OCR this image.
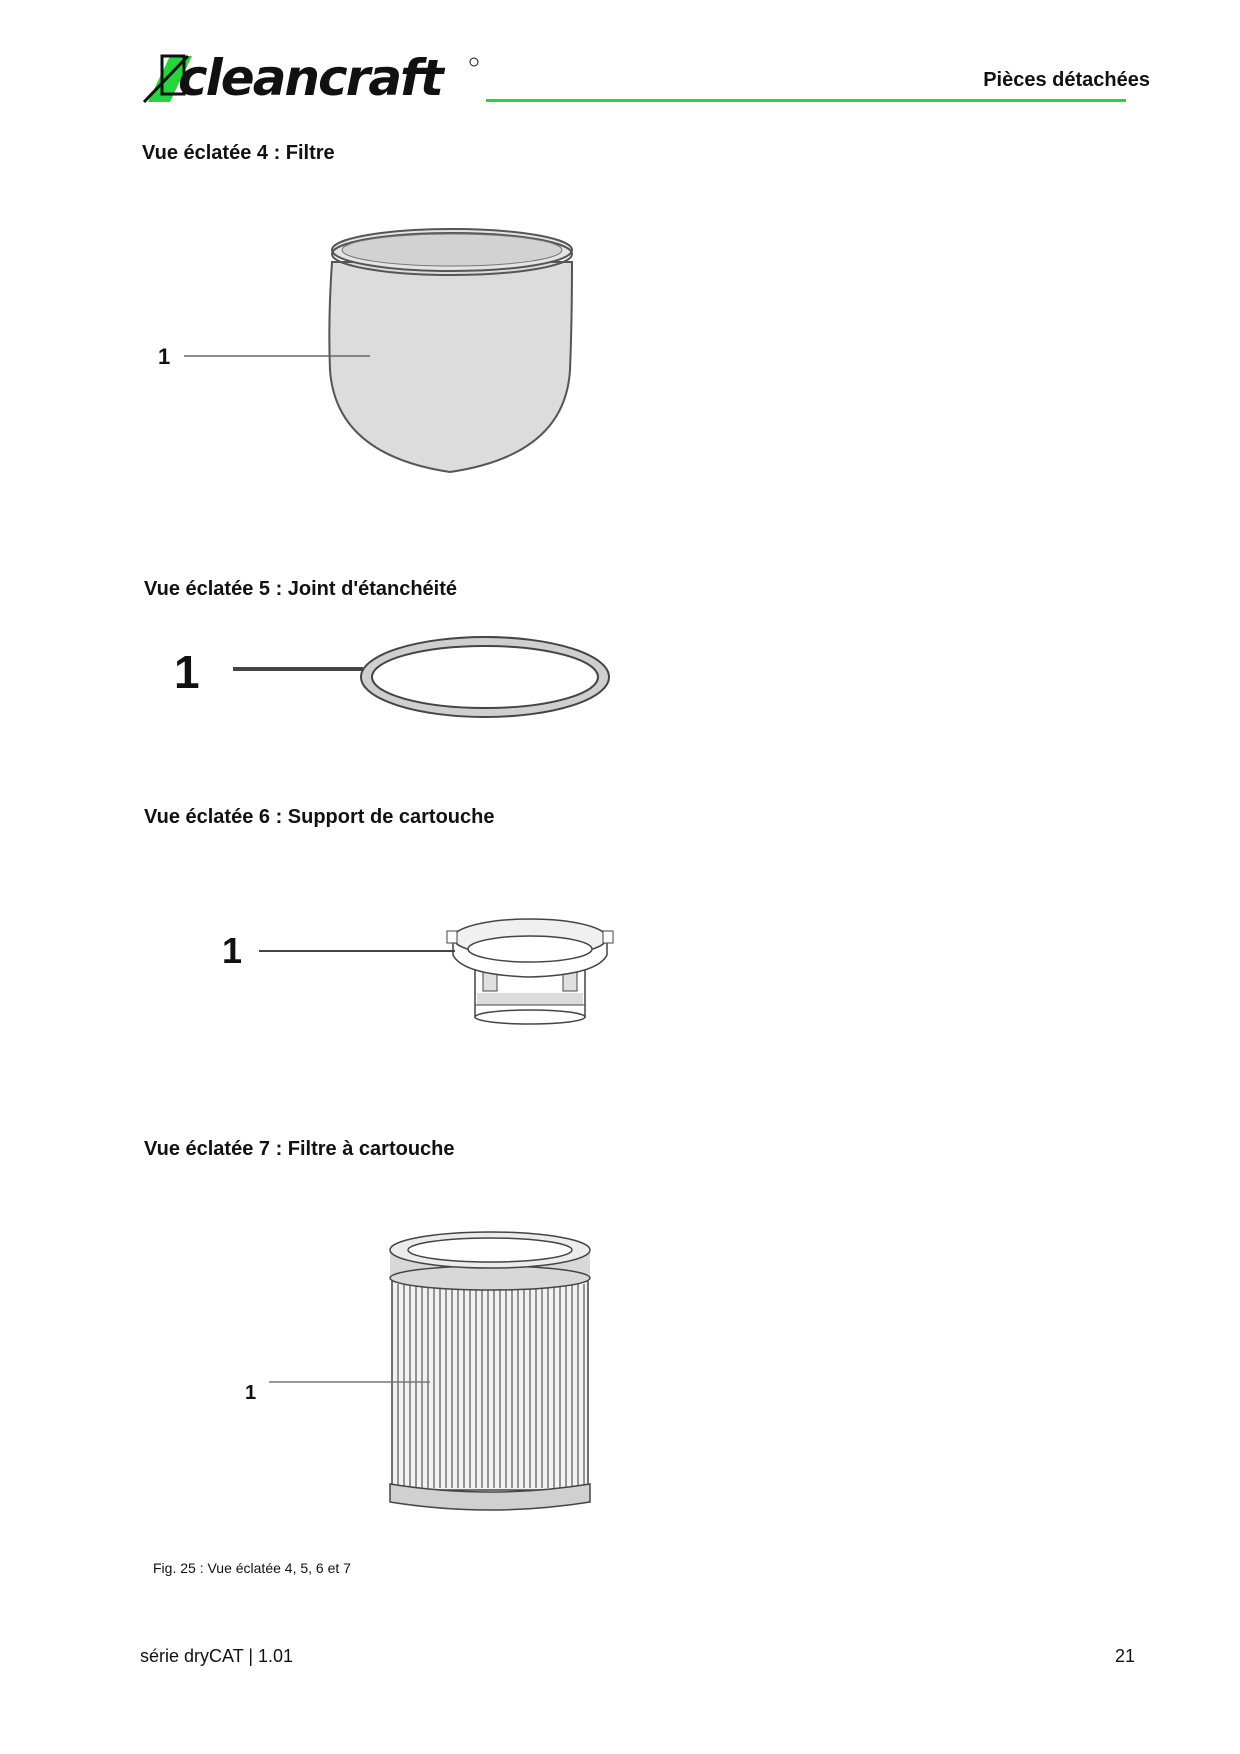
cleancraft	Pièces détachées
Vue éclatée 4 : Filtre
1
Vue éclatée 5 : Joint d'étanchéité
1
Vue éclatée 6 : Support de cartouche
1
Vue éclatée 7 : Filtre à cartouche
1
Fig. 25 : Vue éclatée 4, 5, 6 et 7
série dryCAT | 1.01	21
